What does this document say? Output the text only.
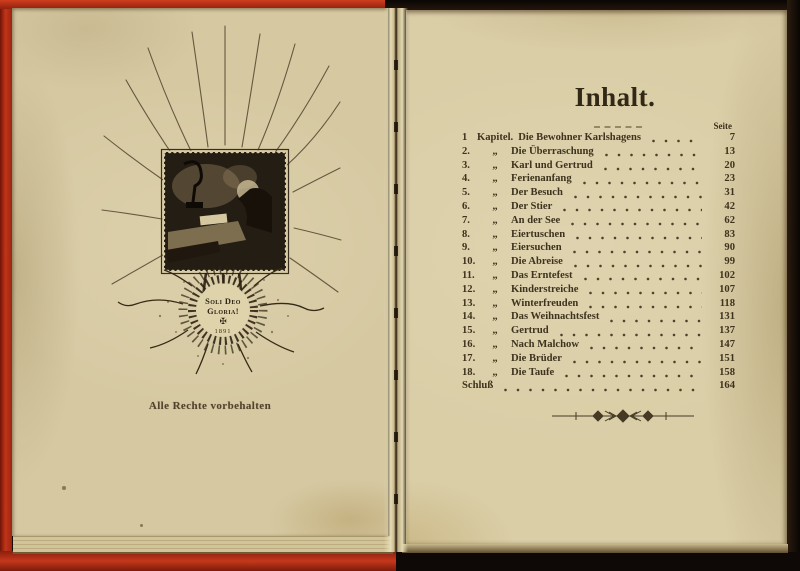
Soli Deo
Gloria!
✠
1891
Alle Rechte vorbehalten
Inhalt.
Seite
1 Kapitel. Die Bewohner Karlshagens	7
2.	„	Die Überraschung	13
3.	„	Karl und Gertrud	20
4.	„	Ferienanfang	23
5.	„	Der Besuch	31
6.	„	Der Stier	42
7.	„	An der See	62
8.	„	Eiertuschen	83
9.	„	Eiersuchen	90
10.	„	Die Abreise	99
11.	„	Das Erntefest	102
12.	„	Kinderstreiche	107
13.	„	Winterfreuden	118
14.	„	Das Weihnachtsfest	131
15.	„	Gertrud	137
16.	„	Nach Malchow	147
17.	„	Die Brüder	151
18.	„	Die Taufe	158
Schluß	164
